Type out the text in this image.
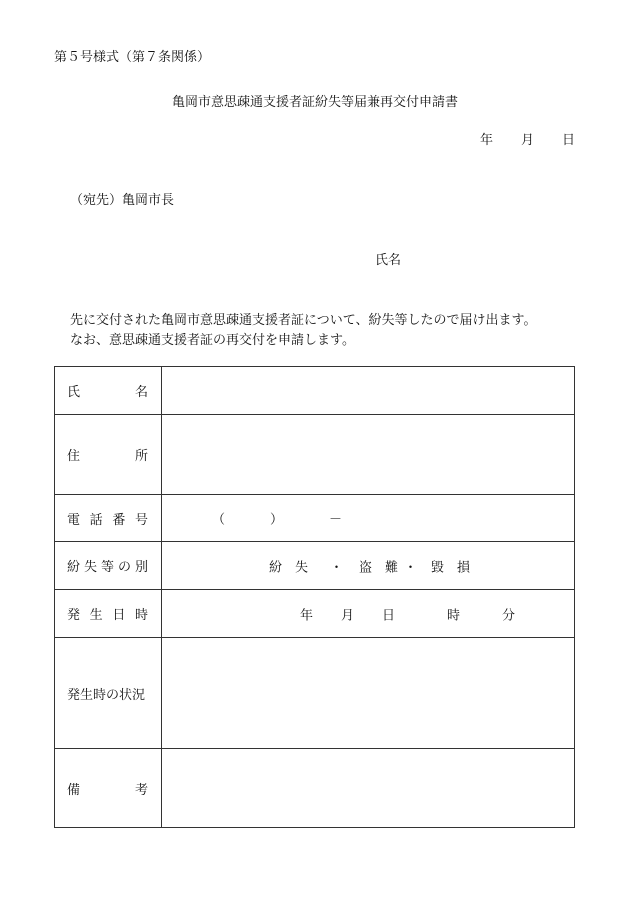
第５号様式（第７条関係）
亀岡市意思疎通支援者証紛失等届兼再交付申請書
年 月 日
（宛先）亀岡市長
氏名
先に交付された亀岡市意思疎通支援者証について、紛失等したので届け出ます。
なお、意思疎通支援者証の再交付を申請します。
氏 名	

住 所	

電 話 番 号	（ ） －

紛 失 等 の 別	紛　失 ・ 盗　難 ・ 毀　損

発 生 日 時	年 月 日 時 分

発生時の状況	

備 考	
